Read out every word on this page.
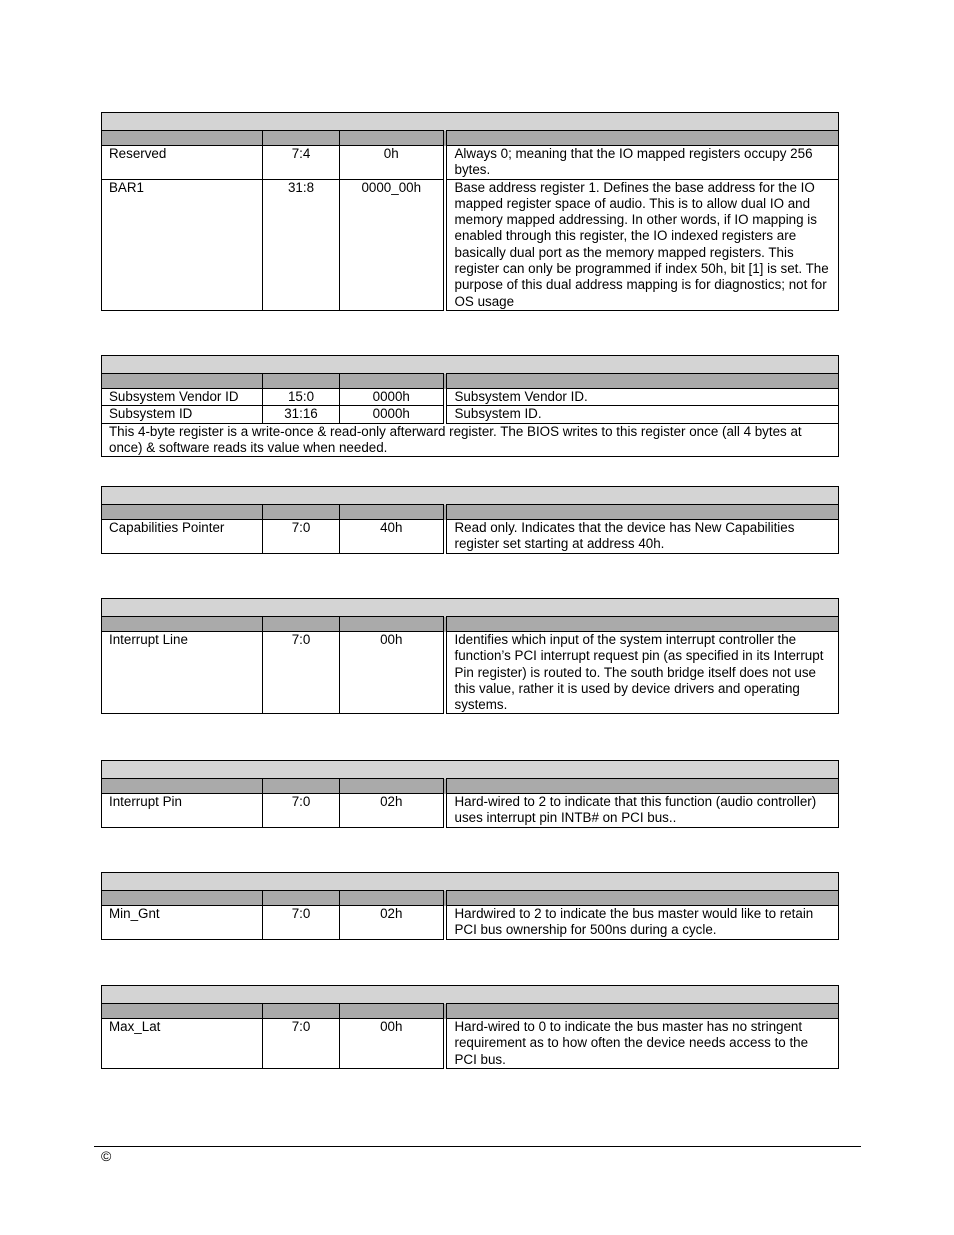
Reserved	7:4	0h	Always 0; meaning that the IO mapped registers occupy 256 bytes.
BAR1	31:8	0000_00h	Base address register 1. Defines the base address for the IO mapped register space of audio. This is to allow dual IO and memory mapped addressing. In other words, if IO mapping is enabled through this register, the IO indexed registers are basically dual port as the memory mapped registers. This register can only be programmed if index 50h, bit [1] is set. The purpose of this dual address mapping is for diagnostics; not for OS usage

Subsystem Vendor ID	15:0	0000h	Subsystem Vendor ID.
Subsystem ID	31:16	0000h	Subsystem ID.
This 4-byte register is a write-once & read-only afterward register. The BIOS writes to this register once (all 4 bytes at once) & software reads its value when needed.			

Capabilities Pointer	7:0	40h	Read only. Indicates that the device has New Capabilities register set starting at address 40h.

Interrupt Line	7:0	00h	Identifies which input of the system interrupt controller the function’s PCI interrupt request pin (as specified in its Interrupt Pin register) is routed to. The south bridge itself does not use this value, rather it is used by device drivers and operating systems.

Interrupt Pin	7:0	02h	Hard-wired to 2 to indicate that this function (audio controller) uses interrupt pin INTB# on PCI bus..

Min_Gnt	7:0	02h	Hardwired to 2 to indicate the bus master would like to retain PCI bus ownership for 500ns during a cycle.

Max_Lat	7:0	00h	Hard-wired to 0 to indicate the bus master has no stringent requirement as to how often the device needs access to the PCI bus.
©
